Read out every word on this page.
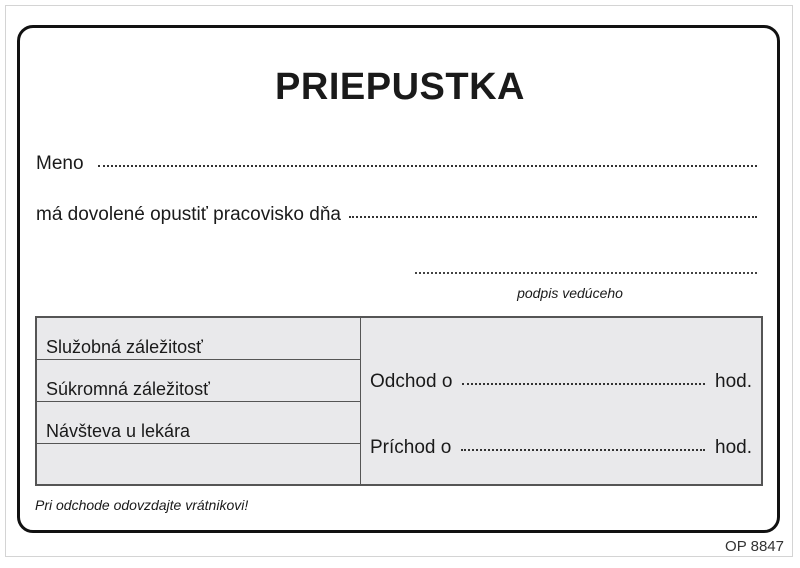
PRIEPUSTKA
Meno
má dovolené opustiť pracovisko dňa
podpis vedúceho
Služobná záležitosť
Súkromná záležitosť
Návšteva u lekára
Odchod o	hod.
Príchod o	hod.
Pri odchode odovzdajte vrátnikovi!
OP 8847
